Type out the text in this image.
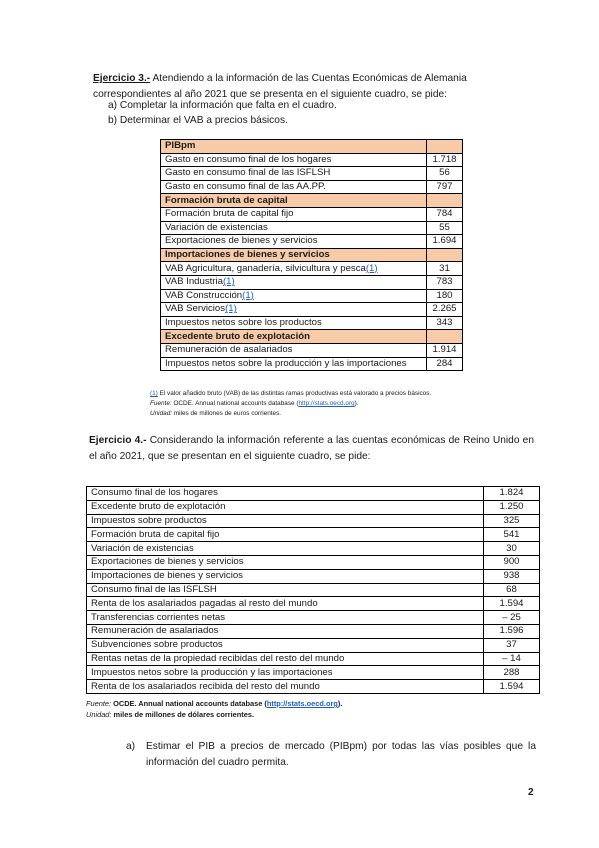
Ejercicio 3.- Atendiendo a la información de las Cuentas Económicas de Alemania correspondientes al año 2021 que se presenta en el siguiente cuadro, se pide:
a) Completar la información que falta en el cuadro.
b) Determinar el VAB a precios básicos.
PIBpm	
Gasto en consumo final de los hogares	1.718
Gasto en consumo final de las ISFLSH	56
Gasto en consumo final de las AA.PP.	797
Formación bruta de capital	
Formación bruta de capital fijo	784
Variación de existencias	55
Exportaciones de bienes y servicios	1.694
Importaciones de bienes y servicios	
VAB Agricultura, ganadería, silvicultura y pesca(1)	31
VAB Industria(1)	783
VAB Construcción(1)	180
VAB Servicios(1)	2.265
Impuestos netos sobre los productos	343
Excedente bruto de explotación	
Remuneración de asalariados	1.914
Impuestos netos sobre la producción y las importaciones	284
(1) El valor añadido bruto (VAB) de las distintas ramas productivas está valorado a precios básicos.
Fuente: OCDE. Annual national accounts database (http://stats.oecd.org).
Unidad: miles de millones de euros corrientes.
Ejercicio 4.- Considerando la información referente a las cuentas económicas de Reino Unido en el año 2021, que se presentan en el siguiente cuadro, se pide:
Consumo final de los hogares	1.824
Excedente bruto de explotación	1.250
Impuestos sobre productos	325
Formación bruta de capital fijo	541
Variación de existencias	30
Exportaciones de bienes y servicios	900
Importaciones de bienes y servicios	938
Consumo final de las ISFLSH	68
Renta de los asalariados pagadas al resto del mundo	1.594
Transferencias corrientes netas	– 25
Remuneración de asalariados	1.596
Subvenciones sobre productos	37
Rentas netas de la propiedad recibidas del resto del mundo	– 14
Impuestos netos sobre la producción y las importaciones	288
Renta de los asalariados recibida del resto del mundo	1.594
Fuente: OCDE. Annual national accounts database (http://stats.oecd.org).
Unidad: miles de millones de dólares corrientes.
a)	Estimar el PIB a precios de mercado (PIBpm) por todas las vías posibles que la información del cuadro permita.
2
